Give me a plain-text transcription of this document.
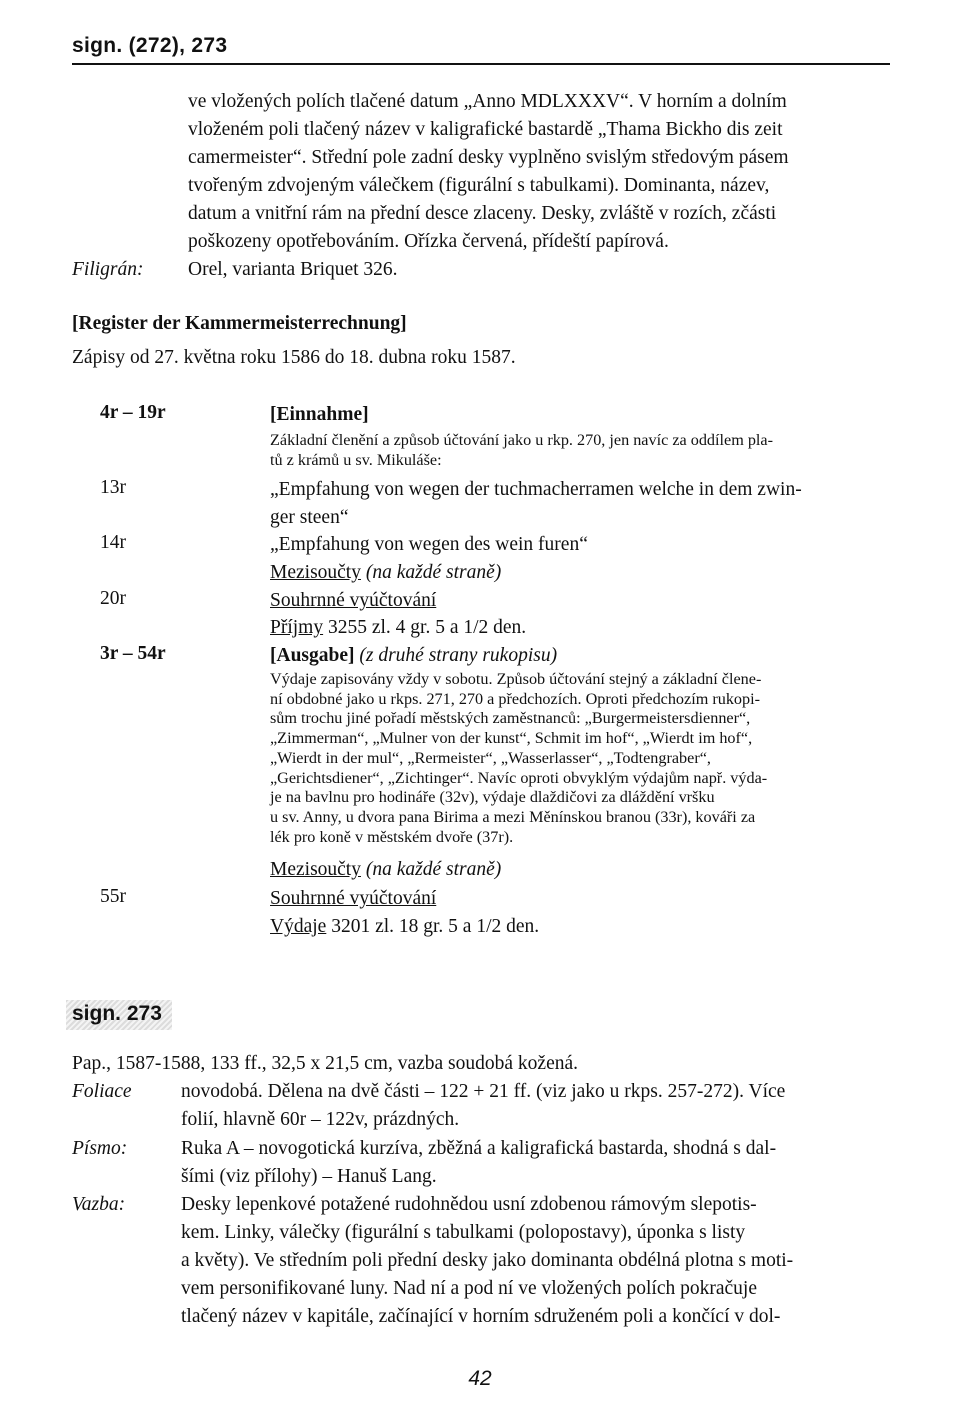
sign. (272), 273
ve vložených polích tlačené datum „Anno MDLXXXV“. V horním a dolním
vloženém poli tlačený název v kaligrafické bastardě „Thama Bickho dis zeit
camermeister“. Střední pole zadní desky vyplněno svislým středovým pásem
tvořeným zdvojeným válečkem (figurální s tabulkami). Dominanta, název,
datum a vnitřní rám na přední desce zlaceny. Desky, zvláště v rozích, zčásti
poškozeny opotřebováním. Ořízka červená, přídeští papírová.
Filigrán: Orel, varianta Briquet 326.
[Register der Kammermeisterrechnung]
Zápisy od 27. května roku 1586 do 18. dubna roku 1587.
4r – 19r	[Einnahme]
Základní členění a způsob účtování jako u rkp. 270, jen navíc za oddílem pla-
tů z krámů u sv. Mikuláše:
13r	„Empfahung von wegen der tuchmacherramen welche in dem zwin-
ger steen“
14r	„Empfahung von wegen des wein furen“
Mezisoučty (na každé straně)
20r	Souhrnné vyúčtování
Příjmy 3255 zl. 4 gr. 5 a 1/2 den.
3r – 54r	[Ausgabe] (z druhé strany rukopisu)
Výdaje zapisovány vždy v sobotu. Způsob účtování stejný a základní člene-
ní obdobné jako u rkps. 271, 270 a předchozích. Oproti předchozím rukopi-
sům trochu jiné pořadí městských zaměstnanců: „Burgermeistersdienner“,
„Zimmerman“, „Mulner von der kunst“, Schmit im hof“, „Wierdt im hof“,
„Wierdt in der mul“, „Rermeister“, „Wasserlasser“, „Todtengraber“,
„Gerichtsdiener“, „Zichtinger“. Navíc oproti obvyklým výdajům např. výda-
je na bavlnu pro hodináře (32v), výdaje dlaždičovi za dláždění vršku
u sv. Anny, u dvora pana Birima a mezi Měnínskou branou (33r), kováři za
lék pro koně v městském dvoře (37r).
Mezisoučty (na každé straně)
55r	Souhrnné vyúčtování
Výdaje 3201 zl. 18 gr. 5 a 1/2 den.
sign. 273
Pap., 1587-1588, 133 ff., 32,5 x 21,5 cm, vazba soudobá kožená.
Foliace	novodobá. Dělena na dvě části – 122 + 21 ff. (viz jako u rkps. 257-272). Více
folií, hlavně 60r – 122v, prázdných.
Písmo:	Ruka A – novogotická kurzíva, zběžná a kaligrafická bastarda, shodná s dal-
šími (viz přílohy) – Hanuš Lang.
Vazba:	Desky lepenkové potažené rudohnědou usní zdobenou rámovým slepotis-
kem. Linky, válečky (figurální s tabulkami (polopostavy), úponka s listy
a květy). Ve středním poli přední desky jako dominanta obdélná plotna s moti-
vem personifikované luny. Nad ní a pod ní ve vložených polích pokračuje
tlačený název v kapitále, začínající v horním sdruženém poli a končící v dol-
42
